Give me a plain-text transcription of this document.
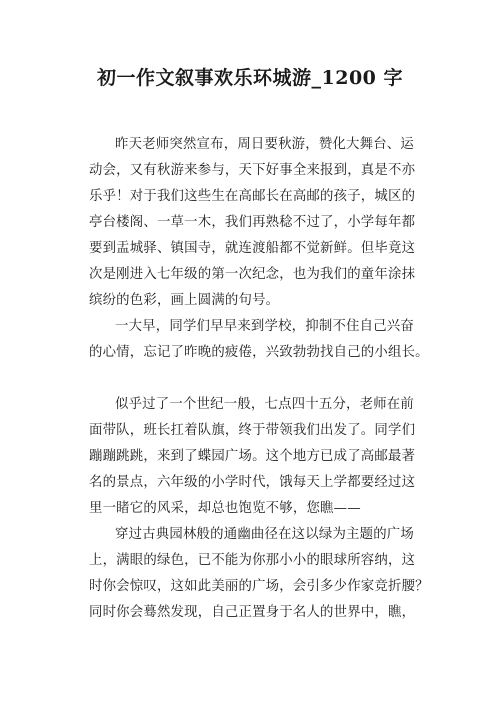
初一作文叙事欢乐环城游_1200 字
昨天老师突然宣布，周日要秋游，赞化大舞台、运
动会，又有秋游来参与，天下好事全来报到，真是不亦
乐乎！对于我们这些生在高邮长在高邮的孩子，城区的
亭台楼阁、一草一木，我们再熟稔不过了，小学每年都
要到盂城驿、镇国寺，就连渡船都不觉新鲜。但毕竟这
次是刚进入七年级的第一次纪念，也为我们的童年涂抹
缤纷的色彩，画上圆满的句号。
一大早，同学们早早来到学校，抑制不住自己兴奋
的心情，忘记了昨晚的疲倦，兴致勃勃找自己的小组长。
似乎过了一个世纪一般，七点四十五分，老师在前
面带队，班长扛着队旗，终于带领我们出发了。同学们
蹦蹦跳跳，来到了蝶园广场。这个地方已成了高邮最著
名的景点，六年级的小学时代，饿每天上学都要经过这
里一睹它的风采，却总也饱览不够，您瞧——
穿过古典园林般的通幽曲径在这以绿为主题的广场
上，满眼的绿色，已不能为你那小小的眼球所容纳，这
时你会惊叹，这如此美丽的广场，会引多少作家竞折腰？
同时你会蓦然发现，自己正置身于名人的世界中，瞧，
